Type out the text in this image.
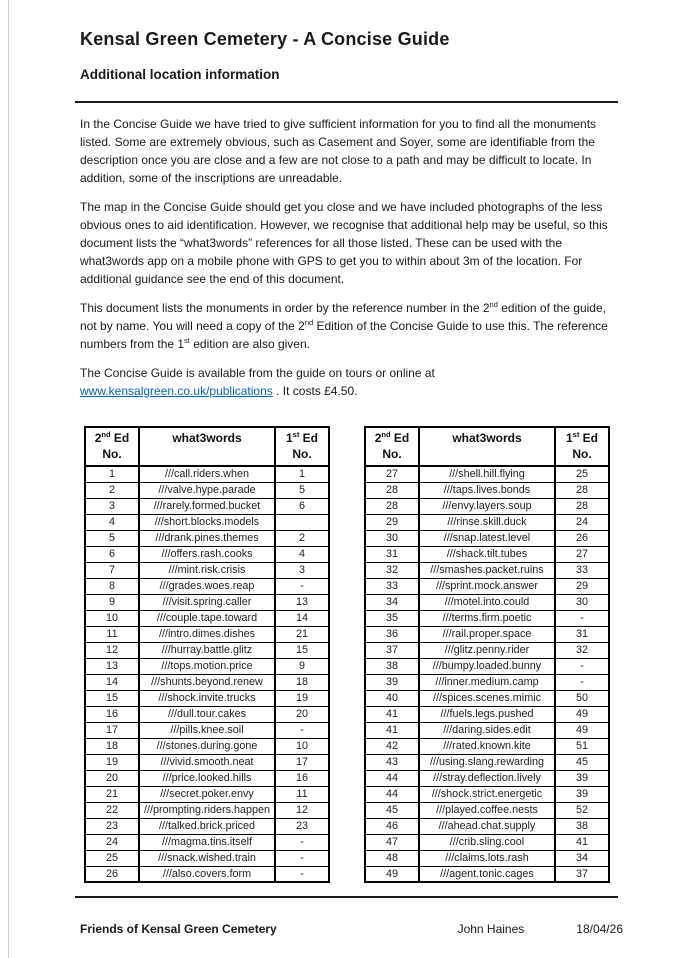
Kensal Green Cemetery - A Concise Guide
Additional location information

In the Concise Guide we have tried to give sufficient information for you to find all the monuments listed. Some are extremely obvious, such as Casement and Soyer, some are identifiable from the description once you are close and a few are not close to a path and may be difficult to locate. In addition, some of the inscriptions are unreadable.

The map in the Concise Guide should get you close and we have included photographs of the less obvious ones to aid identification. However, we recognise that additional help may be useful, so this document lists the “what3words” references for all those listed. These can be used with the what3words app on a mobile phone with GPS to get you to within about 3m of the location. For additional guidance see the end of this document.

This document lists the monuments in order by the reference number in the 2nd edition of the guide, not by name. You will need a copy of the 2nd Edition of the Concise Guide to use this. The reference numbers from the 1st edition are also given.

The Concise Guide is available from the guide on tours or online at www.kensalgreen.co.uk/publications . It costs £4.50.

2nd Ed
No.	what3words	1st Ed
No.
1	///call.riders.when	1
2	///valve.hype.parade	5
3	///rarely.formed.bucket	6
4	///short.blocks.models	
5	///drank.pines.themes	2
6	///offers.rash.cooks	4
7	///mint.risk.crisis	3
8	///grades.woes.reap	-
9	///visit.spring.caller	13
10	///couple.tape.toward	14
11	///intro.dimes.dishes	21
12	///hurray.battle.glitz	15
13	///tops.motion.price	9
14	///shunts.beyond.renew	18
15	///shock.invite.trucks	19
16	///dull.tour.cakes	20
17	///pills.knee.soil	-
18	///stones.during.gone	10
19	///vivid.smooth.neat	17
20	///price.looked.hills	16
21	///secret.poker.envy	11
22	///prompting.riders.happen	12
23	///talked.brick.priced	23
24	///magma.tins.itself	-
25	///snack.wished.train	-
26	///also.covers.form	-
2nd Ed
No.	what3words	1st Ed
No.
27	///shell.hill.flying	25
28	///taps.lives.bonds	28
28	///envy.layers.soup	28
29	///rinse.skill.duck	24
30	///snap.latest.level	26
31	///shack.tilt.tubes	27
32	///smashes.packet.ruins	33
33	///sprint.mock.answer	29
34	///motel.into.could	30
35	///terms.firm.poetic	-
36	///rail.proper.space	31
37	///glitz.penny.rider	32
38	///bumpy.loaded.bunny	-
39	///inner.medium.camp	-
40	///spices.scenes.mimic	50
41	///fuels.legs.pushed	49
41	///daring.sides.edit	49
42	///rated.known.kite	51
43	///using.slang.rewarding	45
44	///stray.deflection.lively	39
44	///shock.strict.energetic	39
45	///played.coffee.nests	52
46	///ahead.chat.supply	38
47	///crib.sling.cool	41
48	///claims.lots.rash	34
49	///agent.tonic.cages	37
Friends of Kensal Green Cemetery	John Haines	18/04/26
